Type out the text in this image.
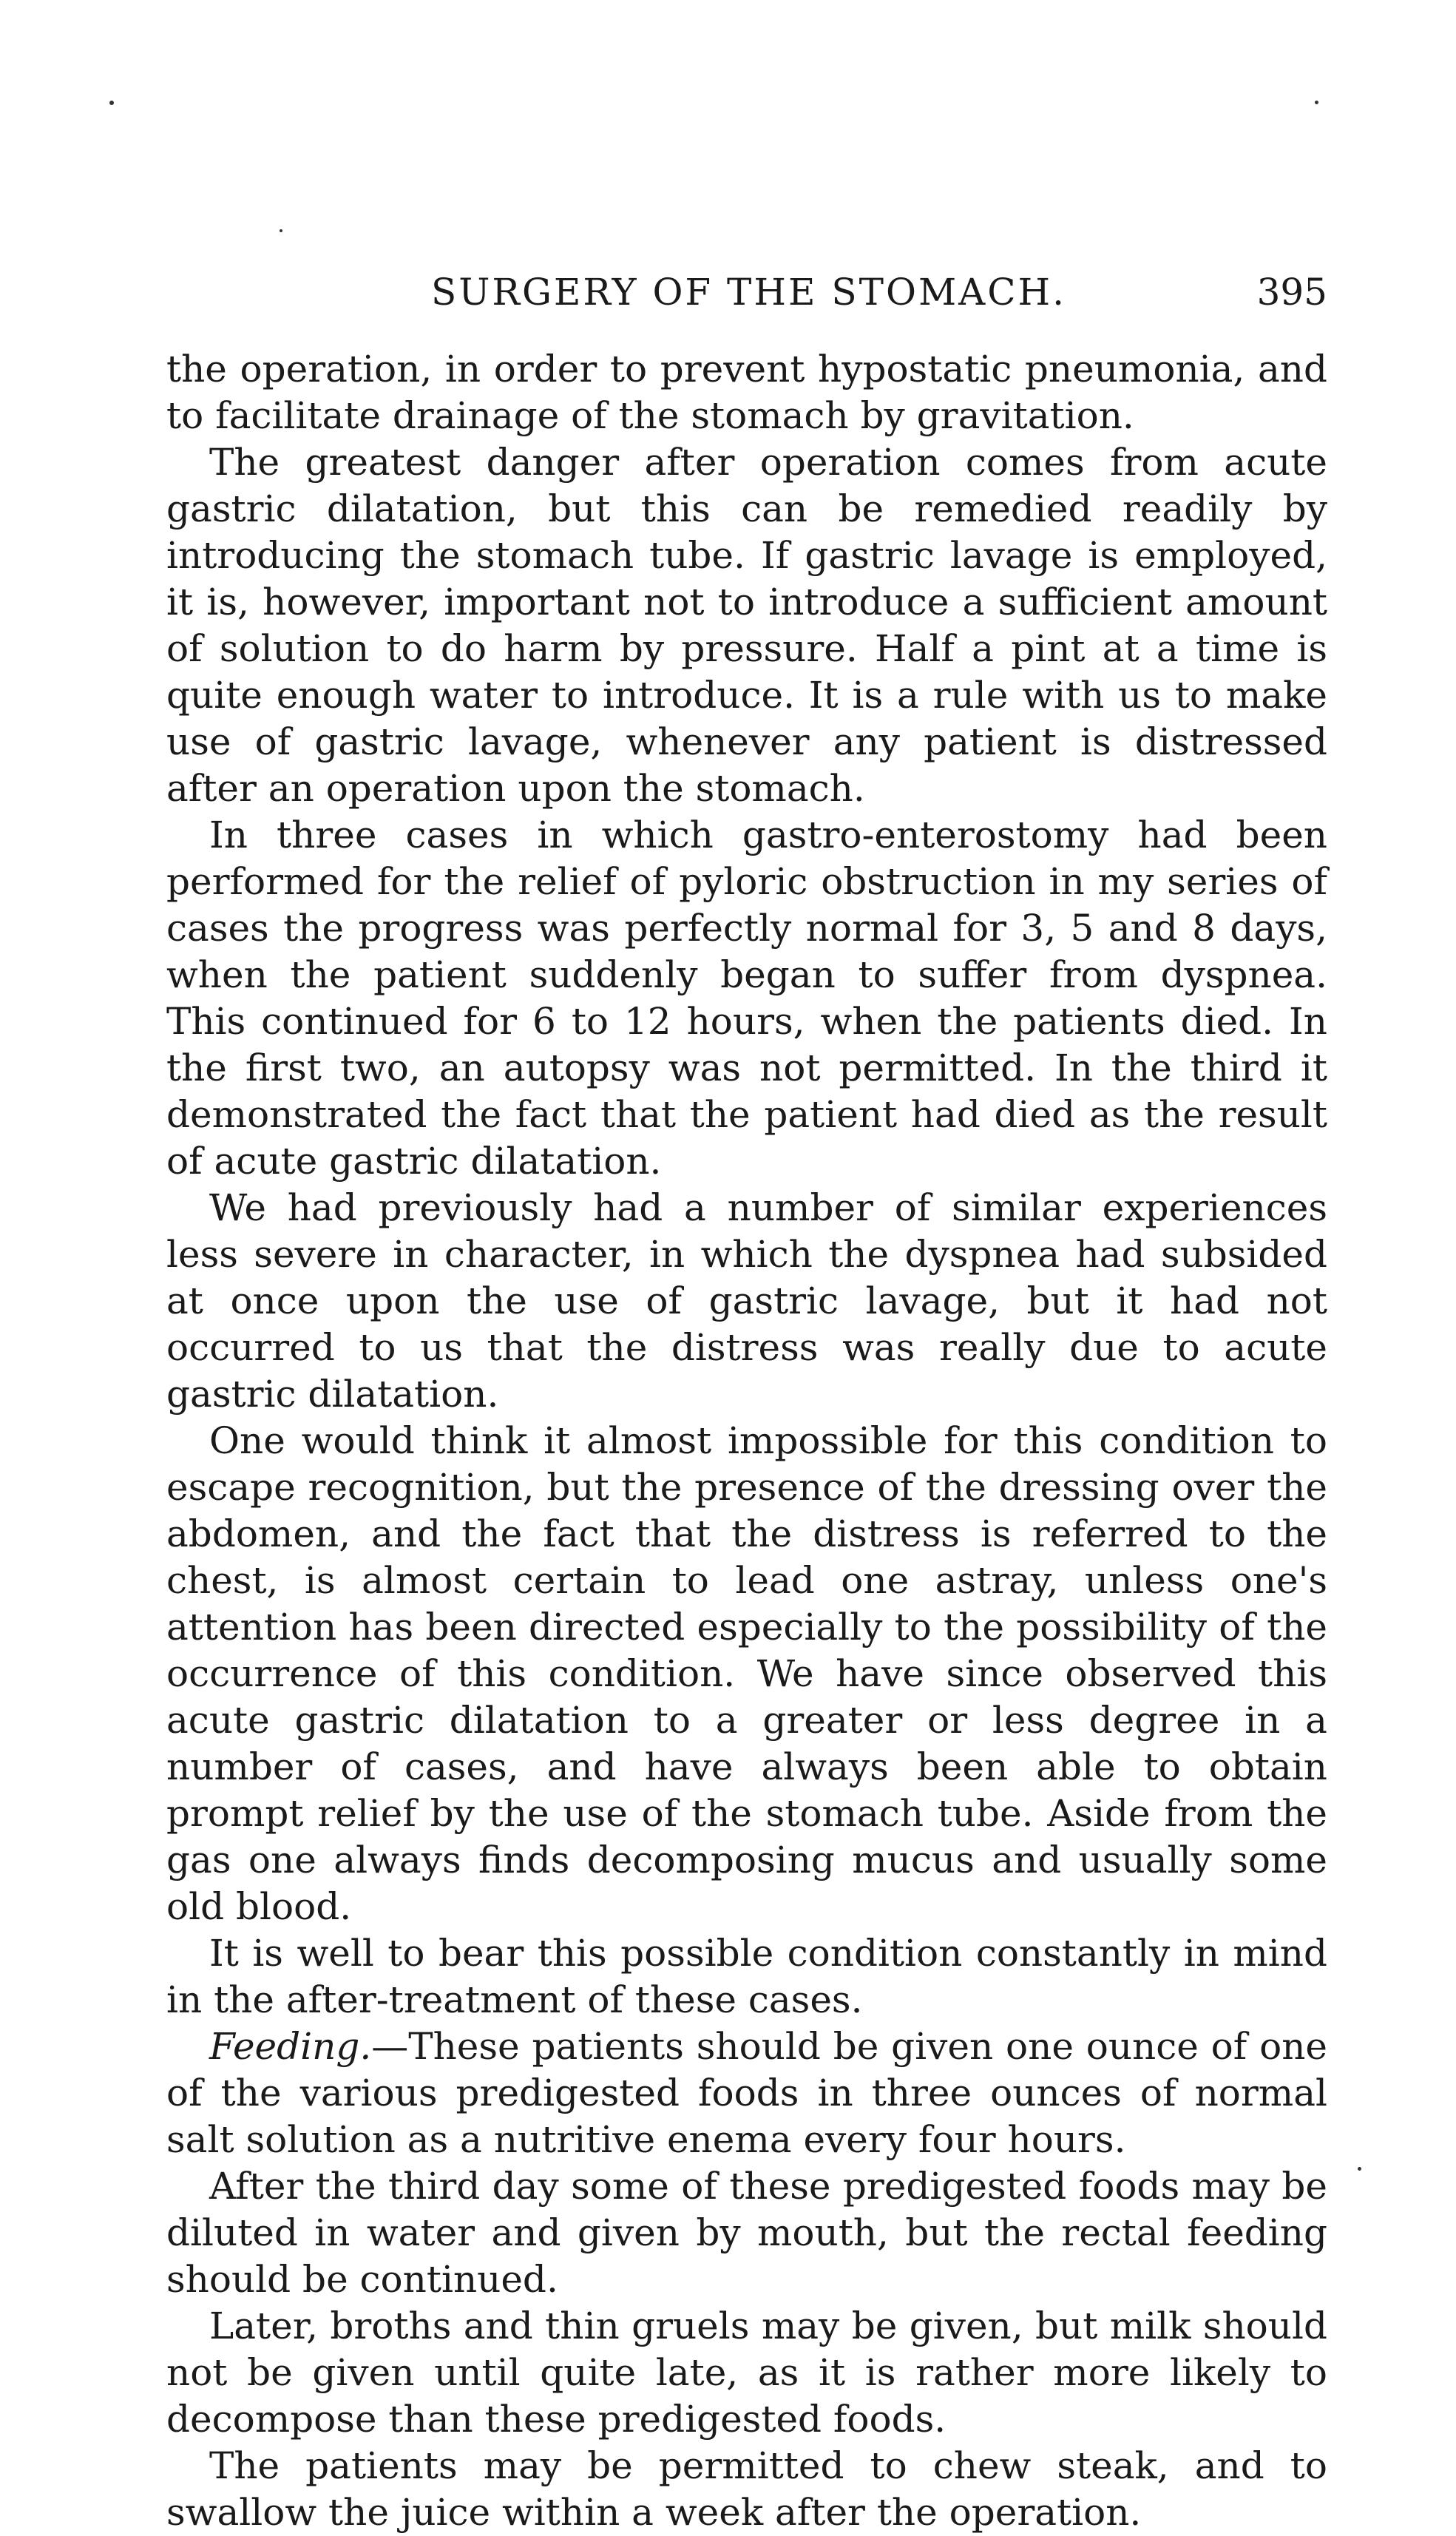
SURGERY OF THE STOMACH.	395

the operation, in order to prevent hypostatic pneumonia, and to facilitate drainage of the stomach by gravitation.

The greatest danger after operation comes from acute gastric dilatation, but this can be remedied readily by introducing the stomach tube. If gastric lavage is employed, it is, however, important not to introduce a sufficient amount of solution to do harm by pressure. Half a pint at a time is quite enough water to introduce. It is a rule with us to make use of gastric lavage, whenever any patient is distressed after an operation upon the stomach.

In three cases in which gastro-enterostomy had been performed for the relief of pyloric obstruction in my series of cases the progress was perfectly normal for 3, 5 and 8 days, when the patient suddenly began to suffer from dyspnea. This continued for 6 to 12 hours, when the patients died. In the first two, an autopsy was not permitted. In the third it demonstrated the fact that the patient had died as the result of acute gastric dilatation.

We had previously had a number of similar experiences less severe in character, in which the dyspnea had subsided at once upon the use of gastric lavage, but it had not occurred to us that the distress was really due to acute gastric dilatation.

One would think it almost impossible for this condition to escape recognition, but the presence of the dressing over the abdomen, and the fact that the distress is referred to the chest, is almost certain to lead one astray, unless one's attention has been directed especially to the possibility of the occurrence of this condition. We have since observed this acute gastric dilatation to a greater or less degree in a number of cases, and have always been able to obtain prompt relief by the use of the stomach tube. Aside from the gas one always finds decomposing mucus and usually some old blood.

It is well to bear this possible condition constantly in mind in the after-treatment of these cases.

Feeding.—These patients should be given one ounce of one of the various predigested foods in three ounces of normal salt solution as a nutritive enema every four hours.

After the third day some of these predigested foods may be diluted in water and given by mouth, but the rectal feeding should be continued.

Later, broths and thin gruels may be given, but milk should not be given until quite late, as it is rather more likely to decompose than these predigested foods.

The patients may be permitted to chew steak, and to swallow the juice within a week after the operation.
